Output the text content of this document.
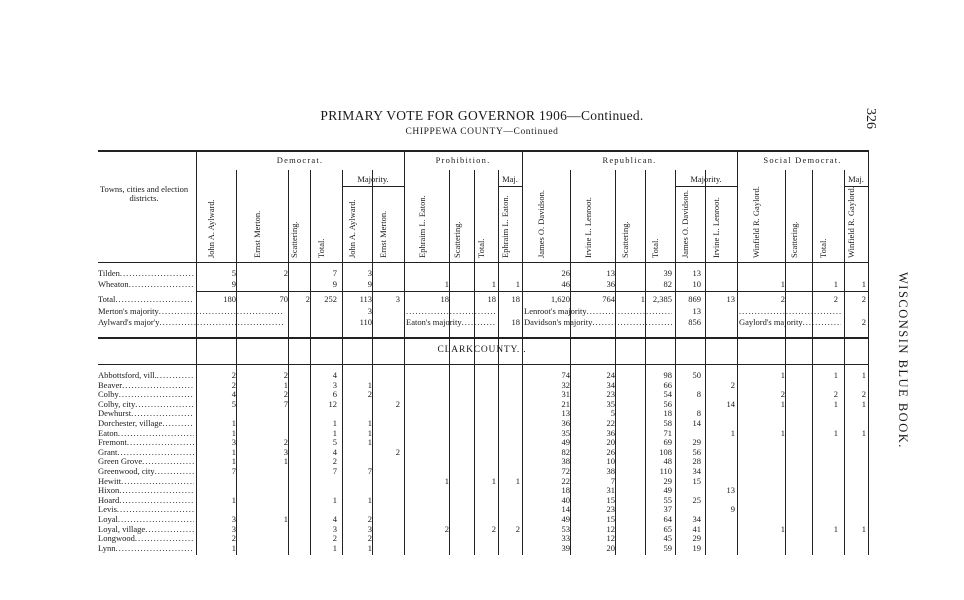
PRIMARY VOTE FOR GOVERNOR 1906—Continued.
CHIPPEWA COUNTY—Continued
326
WISCONSIN BLUE BOOK.
Democrat.	Prohibition.	Republican.	Social Democrat.
Majority.	Maj.	Majority.	Maj.
Towns, cities and election districts.
John A. Aylward.	Ernst Merton.	Scattering. Total. John A. Aylward. Ernst Merton.	Ephraim L. Eaton.	Scattering. Total. Ephraim L. Eaton.	James O. Davidson.	Irvine L. Lenroot.	Scattering. Total. James O. Davidson. Irvine L. Lenroot.	Winfield R. Gaylord.	Scattering. Total. Winfield R. Gaylord.
Tilden .....	5	2	7	3	26	13	39	13
Wheaton .....	9	9	9	1	1	1	46	36	82	10	1	1	1
Total .....	180	70	2	252	113	3	18	18	18	1,620	764	1 2,385	869	13	2	2	2
Merton's majority .....	3
.....	Lenroot's majority .....	13
.....
Aylward's major'y .....	110	Eaton's majority .....	18 Davidson's majority .....	856	Gaylord's majority .....	2
Abbottsford, vill. .....	2	2	4	74	24	98	50	1	1	1
Beaver .....	2	1	3	1	32	34	66	2
Colby .....	4	2	6	2	31	23	54	8	2	2	2
Colby, city .....	5	7	12	2	21	35	56	14	1	1	1
Dewhurst .....	13	5	18	8
Dorchester, village .....	1	1	1	36	22	58	14
Eaton .....	1	1	1	35	36	71	1	1	1	1
Fremont .....	3	2	5	1	49	20	69	29
Grant .....	1	3	4	2	82	26	108	56
Green Grove .....	1	1	2	38	10	48	28
Greenwood, city .....	7	7	7	72	38	110	34
Hewitt .....	1	1	1	22	7	29	15
Hixon .....	18	31	49	13
Hoard .....	1	1	1	40	15	55	25
Levis .....	14	23	37	9
Loyal .....	3	1	4	2	49	15	64	34
Loyal, village .....	3	3	3	2	2	2	53	12	65	41	1	1	1
Longwood .....	2	2	2	33	12	45	29
Lynn .....	1	1	1	39	20	59	19
CLARKCOUNTY. .
